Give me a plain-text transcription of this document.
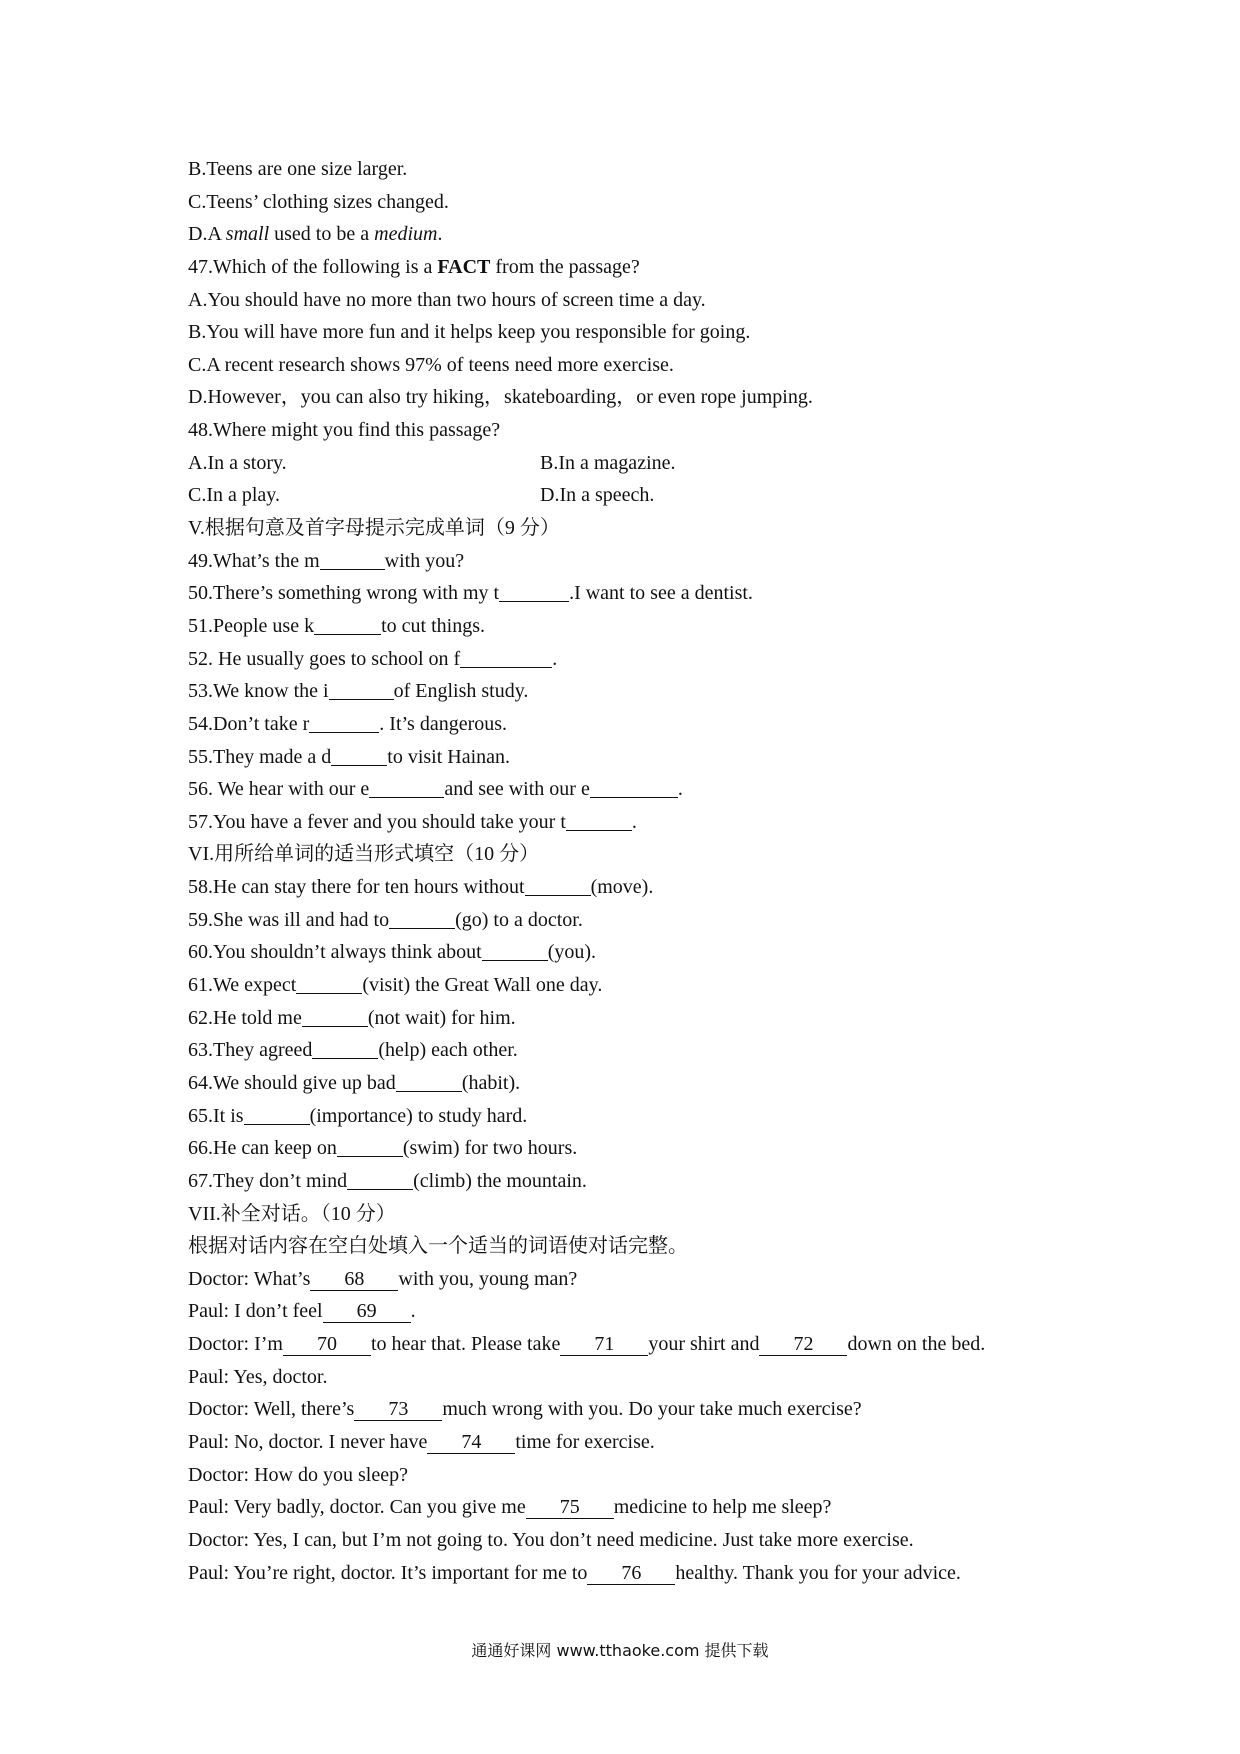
B.Teens are one size larger.
C.Teens’ clothing sizes changed.
D.A small used to be a medium.
47.Which of the following is a FACT from the passage?
A.You should have no more than two hours of screen time a day.
B.You will have more fun and it helps keep you responsible for going.
C.A recent research shows 97% of teens need more exercise.
D.However，you can also try hiking，skateboarding，or even rope jumping.
48.Where might you find this passage?
A.In a story.	B.In a magazine.
C.In a play.	D.In a speech.
V.根据句意及首字母提示完成单词（9 分）
49.What’s the m	with you?
50.There’s something wrong with my t	.I want to see a dentist.
51.People use k	to cut things.
52. He usually goes to school on f	.
53.We know the i	of English study.
54.Don’t take r	. It’s dangerous.
55.They made a d	to visit Hainan.
56. We hear with our e	and see with our e	.
57.You have a fever and you should take your t	.
VI.用所给单词的适当形式填空（10 分）
58.He can stay there for ten hours without	(move).
59.She was ill and had to	(go) to a doctor.
60.You shouldn’t always think about	(you).
61.We expect	(visit) the Great Wall one day.
62.He told me	(not wait) for him.
63.They agreed	(help) each other.
64.We should give up bad	(habit).
65.It is	(importance) to study hard.
66.He can keep on	(swim) for two hours.
67.They don’t mind	(climb) the mountain.
VII.补全对话。（10 分）
根据对话内容在空白处填入一个适当的词语使对话完整。
Doctor: What’s 68 with you, young man?
Paul: I don’t feel 69 .
Doctor: I’m 70 to hear that. Please take 71 your shirt and 72 down on the bed.
Paul: Yes, doctor.
Doctor: Well, there’s 73 much wrong with you. Do your take much exercise?
Paul: No, doctor. I never have 74 time for exercise.
Doctor: How do you sleep?
Paul: Very badly, doctor. Can you give me 75 medicine to help me sleep?
Doctor: Yes, I can, but I’m not going to. You don’t need medicine. Just take more exercise.
Paul: You’re right, doctor. It’s important for me to 76 healthy. Thank you for your advice.
通通好课网 www.tthaoke.com 提供下载
